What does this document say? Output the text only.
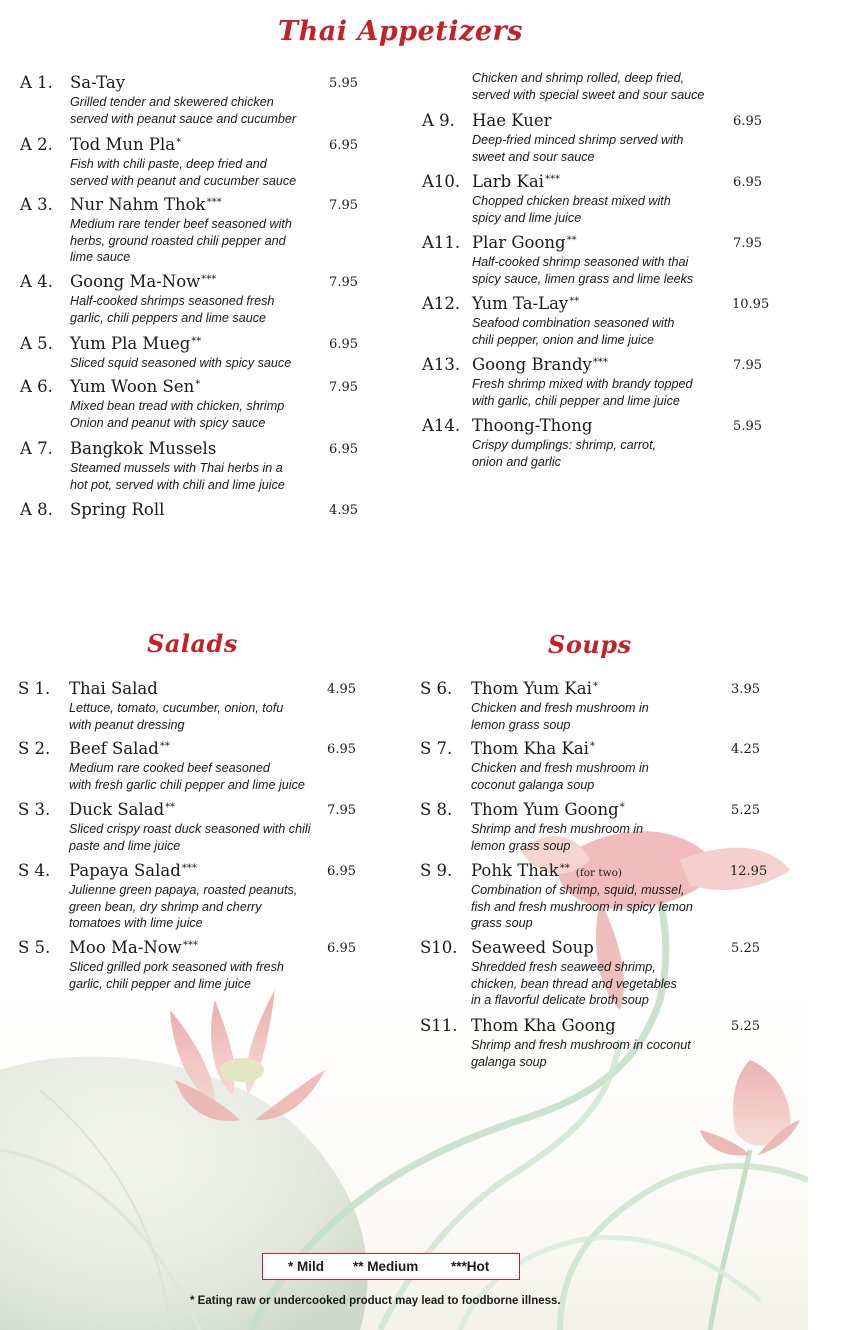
Thai Appetizers
Salads	Soups
Chicken and shrimp rolled, deep fried,
served with special sweet and sour sauce
A 1. Sa-Tay	5.95
Grilled tender and skewered chicken
served with peanut sauce and cucumber
A 2. Tod Mun Pla*	6.95
Fish with chili paste, deep fried and
served with peanut and cucumber sauce
A 3. Nur Nahm Thok***	7.95
Medium rare tender beef seasoned with
herbs, ground roasted chili pepper and
lime sauce
A 4. Goong Ma-Now***	7.95
Half-cooked shrimps seasoned fresh
garlic, chili peppers and lime sauce
A 5. Yum Pla Mueg**	6.95
Sliced squid seasoned with spicy sauce
A 6. Yum Woon Sen*	7.95
Mixed bean tread with chicken, shrimp
Onion and peanut with spicy sauce
A 7. Bangkok Mussels	6.95
Steamed mussels with Thai herbs in a
hot pot, served with chili and lime juice
A 8. Spring Roll	4.95
A 9. Hae Kuer	6.95
Deep-fried minced shrimp served with
sweet and sour sauce
A10. Larb Kai***	6.95
Chopped chicken breast mixed with
spicy and lime juice
A11. Plar Goong**	7.95
Half-cooked shrimp seasoned with thai
spicy sauce, limen grass and lime leeks
A12. Yum Ta-Lay**	10.95
Seafood combination seasoned with
chili pepper, onion and lime juice
A13. Goong Brandy***	7.95
Fresh shrimp mixed with brandy topped
with garlic, chili pepper and lime juice
A14. Thoong-Thong	5.95
Crispy dumplings: shrimp, carrot,
onion and garlic
S 1. Thai Salad	4.95
Lettuce, tomato, cucumber, onion, tofu
with peanut dressing
S 2. Beef Salad**	6.95
Medium rare cooked beef seasoned
with fresh garlic chili pepper and lime juice
S 3. Duck Salad**	7.95
Sliced crispy roast duck seasoned with chili
paste and lime juice
S 4. Papaya Salad***	6.95
Julienne green papaya, roasted peanuts,
green bean, dry shrimp and cherry
tomatoes with lime juice
S 5. Moo Ma-Now***	6.95
Sliced grilled pork seasoned with fresh
garlic, chili pepper and lime juice
S 6. Thom Yum Kai*	3.95
Chicken and fresh mushroom in
lemon grass soup
S 7. Thom Kha Kai*	4.25
Chicken and fresh mushroom in
coconut galanga soup
S 8. Thom Yum Goong*	5.25
Shrimp and fresh mushroom in
lemon grass soup
S 9. Pohk Thak** (for two)	12.95
Combination of shrimp, squid, mussel,
fish and fresh mushroom in spicy lemon
grass soup
S10. Seaweed Soup	5.25
Shredded fresh seaweed shrimp,
chicken, bean thread and vegetables
in a flavorful delicate broth soup
S11. Thom Kha Goong	5.25
Shrimp and fresh mushroom in coconut
galanga soup
* Mild ** Medium ***Hot
* Eating raw or undercooked product may lead to foodborne illness.
